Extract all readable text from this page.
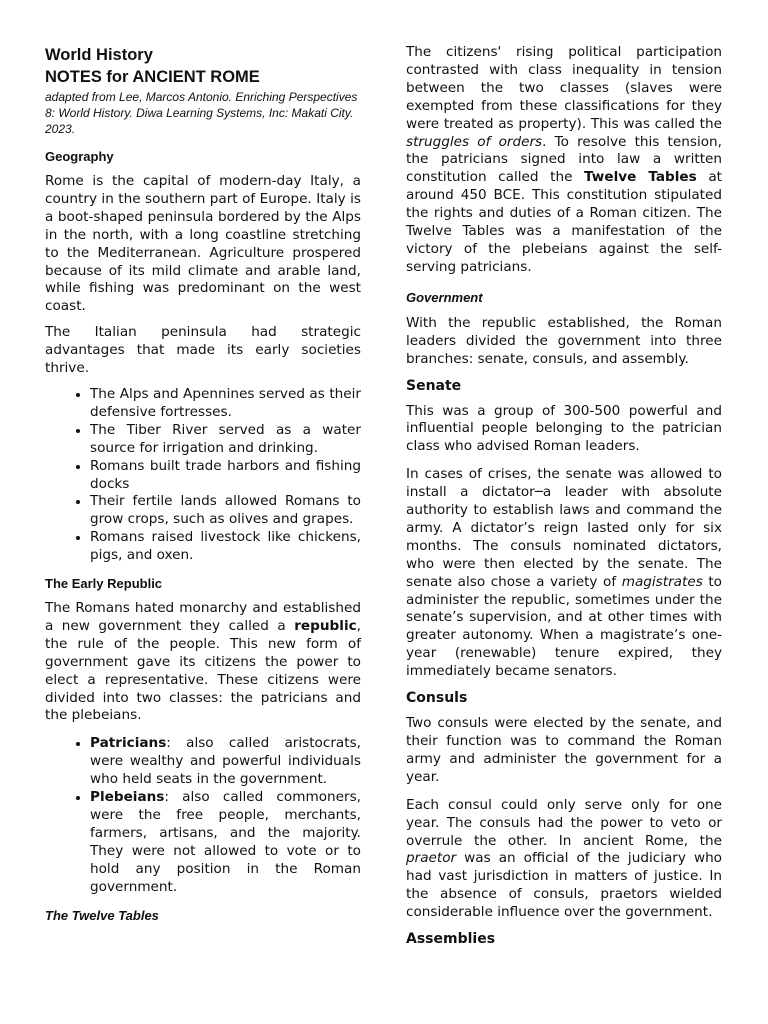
World History
NOTES for ANCIENT ROME
adapted from Lee, Marcos Antonio. Enriching Perspectives 8: World History. Diwa Learning Systems, Inc: Makati City. 2023.
Geography

Rome is the capital of modern-day Italy, a country in the southern part of Europe. Italy is a boot-shaped peninsula bordered by the Alps in the north, with a long coastline stretching to the Mediterranean. Agriculture prospered because of its mild climate and arable land, while fishing was predominant on the west coast.

The Italian peninsula had strategic advantages that made its early societies thrive.

• The Alps and Apennines served as their defensive fortresses.
• The Tiber River served as a water source for irrigation and drinking.
• Romans built trade harbors and fishing docks
• Their fertile lands allowed Romans to grow crops, such as olives and grapes.
• Romans raised livestock like chickens, pigs, and oxen.
The Early Republic

The Romans hated monarchy and established a new government they called a republic, the rule of the people. This new form of government gave its citizens the power to elect a representative. These citizens were divided into two classes: the patricians and the plebeians.

• Patricians: also called aristocrats, were wealthy and powerful individuals who held seats in the government.
• Plebeians: also called commoners, were the free people, merchants, farmers, artisans, and the majority. They were not allowed to vote or to hold any position in the Roman government.
The Twelve Tables

The citizens' rising political participation contrasted with class inequality in tension between the two classes (slaves were exempted from these classifications for they were treated as property). This was called the struggles of orders. To resolve this tension, the patricians signed into law a written constitution called the Twelve Tables at around 450 BCE. This constitution stipulated the rights and duties of a Roman citizen. The Twelve Tables was a manifestation of the victory of the plebeians against the self-serving patricians.

Government

With the republic established, the Roman leaders divided the government into three branches: senate, consuls, and assembly.

Senate

This was a group of 300-500 powerful and influential people belonging to the patrician class who advised Roman leaders.

In cases of crises, the senate was allowed to install a dictator─a leader with absolute authority to establish laws and command the army. A dictator’s reign lasted only for six months. The consuls nominated dictators, who were then elected by the senate. The senate also chose a variety of magistrates to administer the republic, sometimes under the senate’s supervision, and at other times with greater autonomy. When a magistrate’s one-year (renewable) tenure expired, they immediately became senators.

Consuls

Two consuls were elected by the senate, and their function was to command the Roman army and administer the government for a year.

Each consul could only serve only for one year. The consuls had the power to veto or overrule the other. In ancient Rome, the praetor was an official of the judiciary who had vast jurisdiction in matters of justice. In the absence of consuls, praetors wielded considerable influence over the government.

Assemblies
